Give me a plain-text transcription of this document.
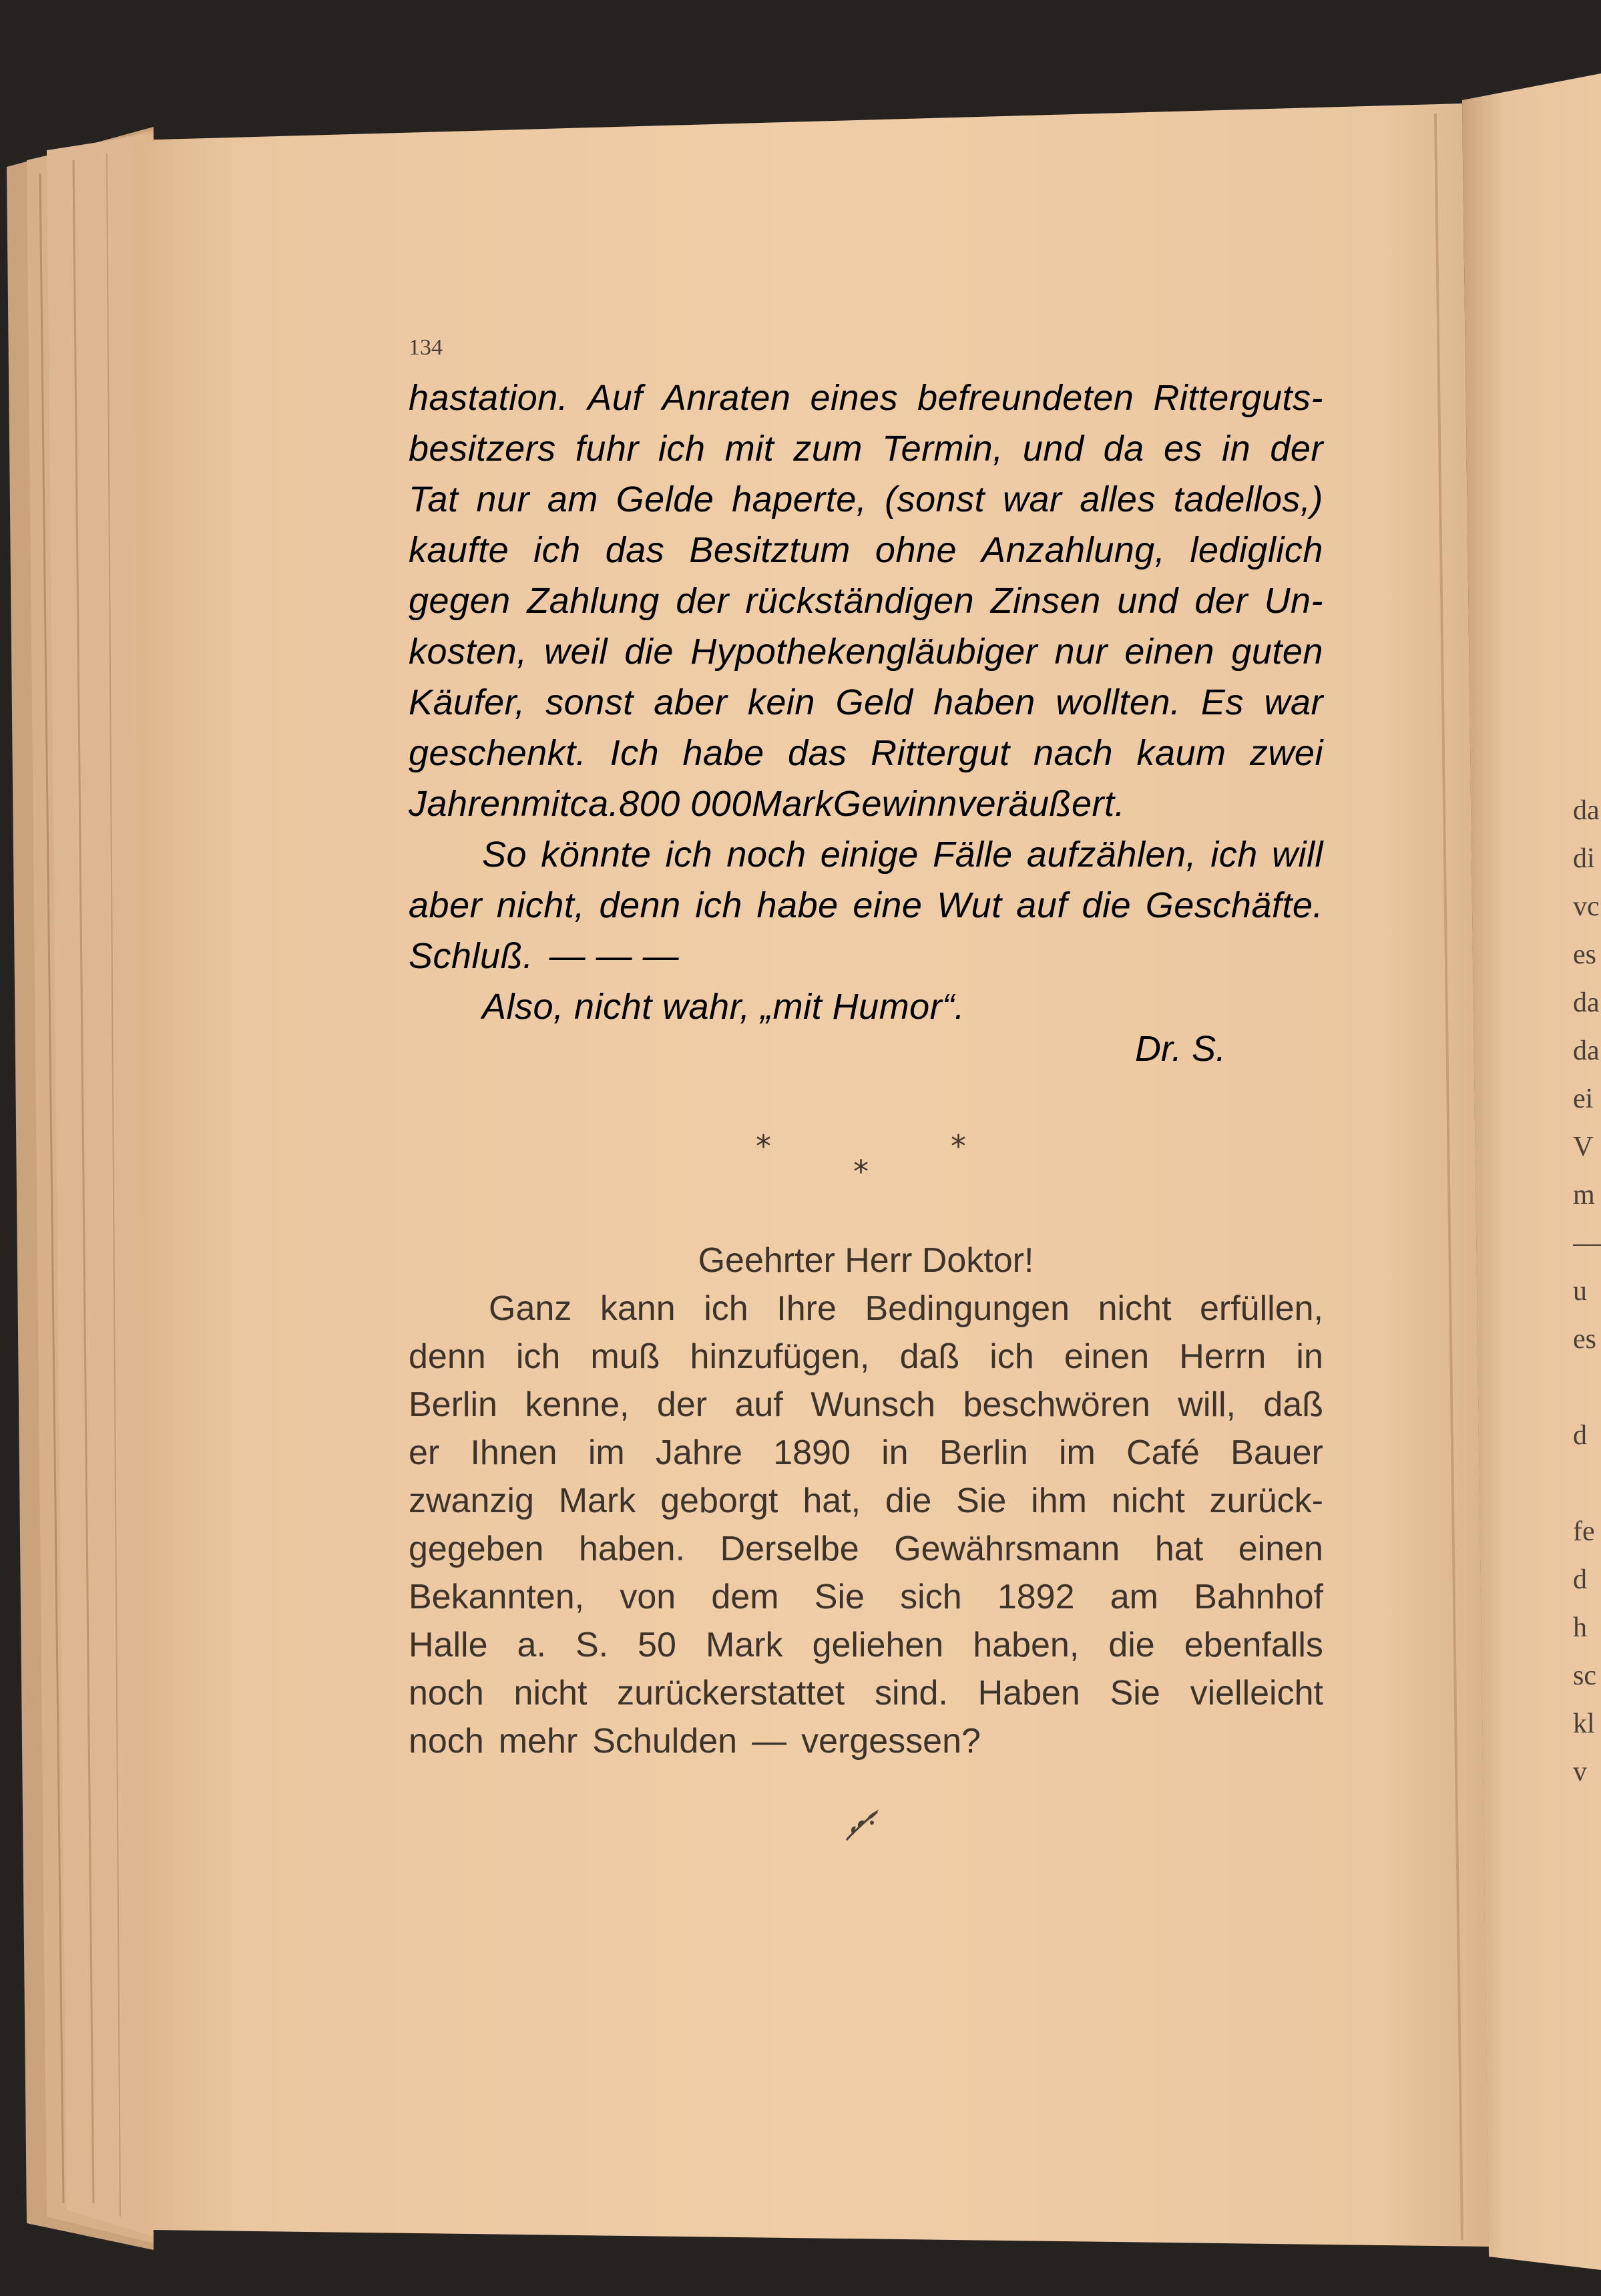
134
hastation. Auf Anraten eines befreundeten Ritterguts-
besitzers fuhr ich mit zum Termin, und da es in der
Tat nur am Gelde haperte, (sonst war alles tadellos,)
kaufte ich das Besitztum ohne Anzahlung, lediglich
gegen Zahlung der rückständigen Zinsen und der Un-
kosten, weil die Hypothekengläubiger nur einen guten
Käufer, sonst aber kein Geld haben wollten. Es war
geschenkt. Ich habe das Rittergut nach kaum zwei
Jahren mit ca. 800 000 Mark Gewinn veräußert.
So könnte ich noch einige Fälle aufzählen, ich will
aber nicht, denn ich habe eine Wut auf die Geschäfte.
Schluß. — — —
Also, nicht wahr, „mit Humor“.
Dr. S.
*
*
*
Geehrter Herr Doktor!
Ganz kann ich Ihre Bedingungen nicht erfüllen,
denn ich muß hinzufügen, daß ich einen Herrn in
Berlin kenne, der auf Wunsch beschwören will, daß
er Ihnen im Jahre 1890 in Berlin im Café Bauer
zwanzig Mark geborgt hat, die Sie ihm nicht zurück-
gegeben haben. Derselbe Gewährsmann hat einen
Bekannten, von dem Sie sich 1892 am Bahnhof
Halle a. S. 50 Mark geliehen haben, die ebenfalls
noch nicht zurückerstattet sind. Haben Sie vielleicht
noch mehr Schulden — vergessen?
da
di
vc
es
da
da
ei
V
m
—
u
es
d
fe
d
h
sc
kl
v
